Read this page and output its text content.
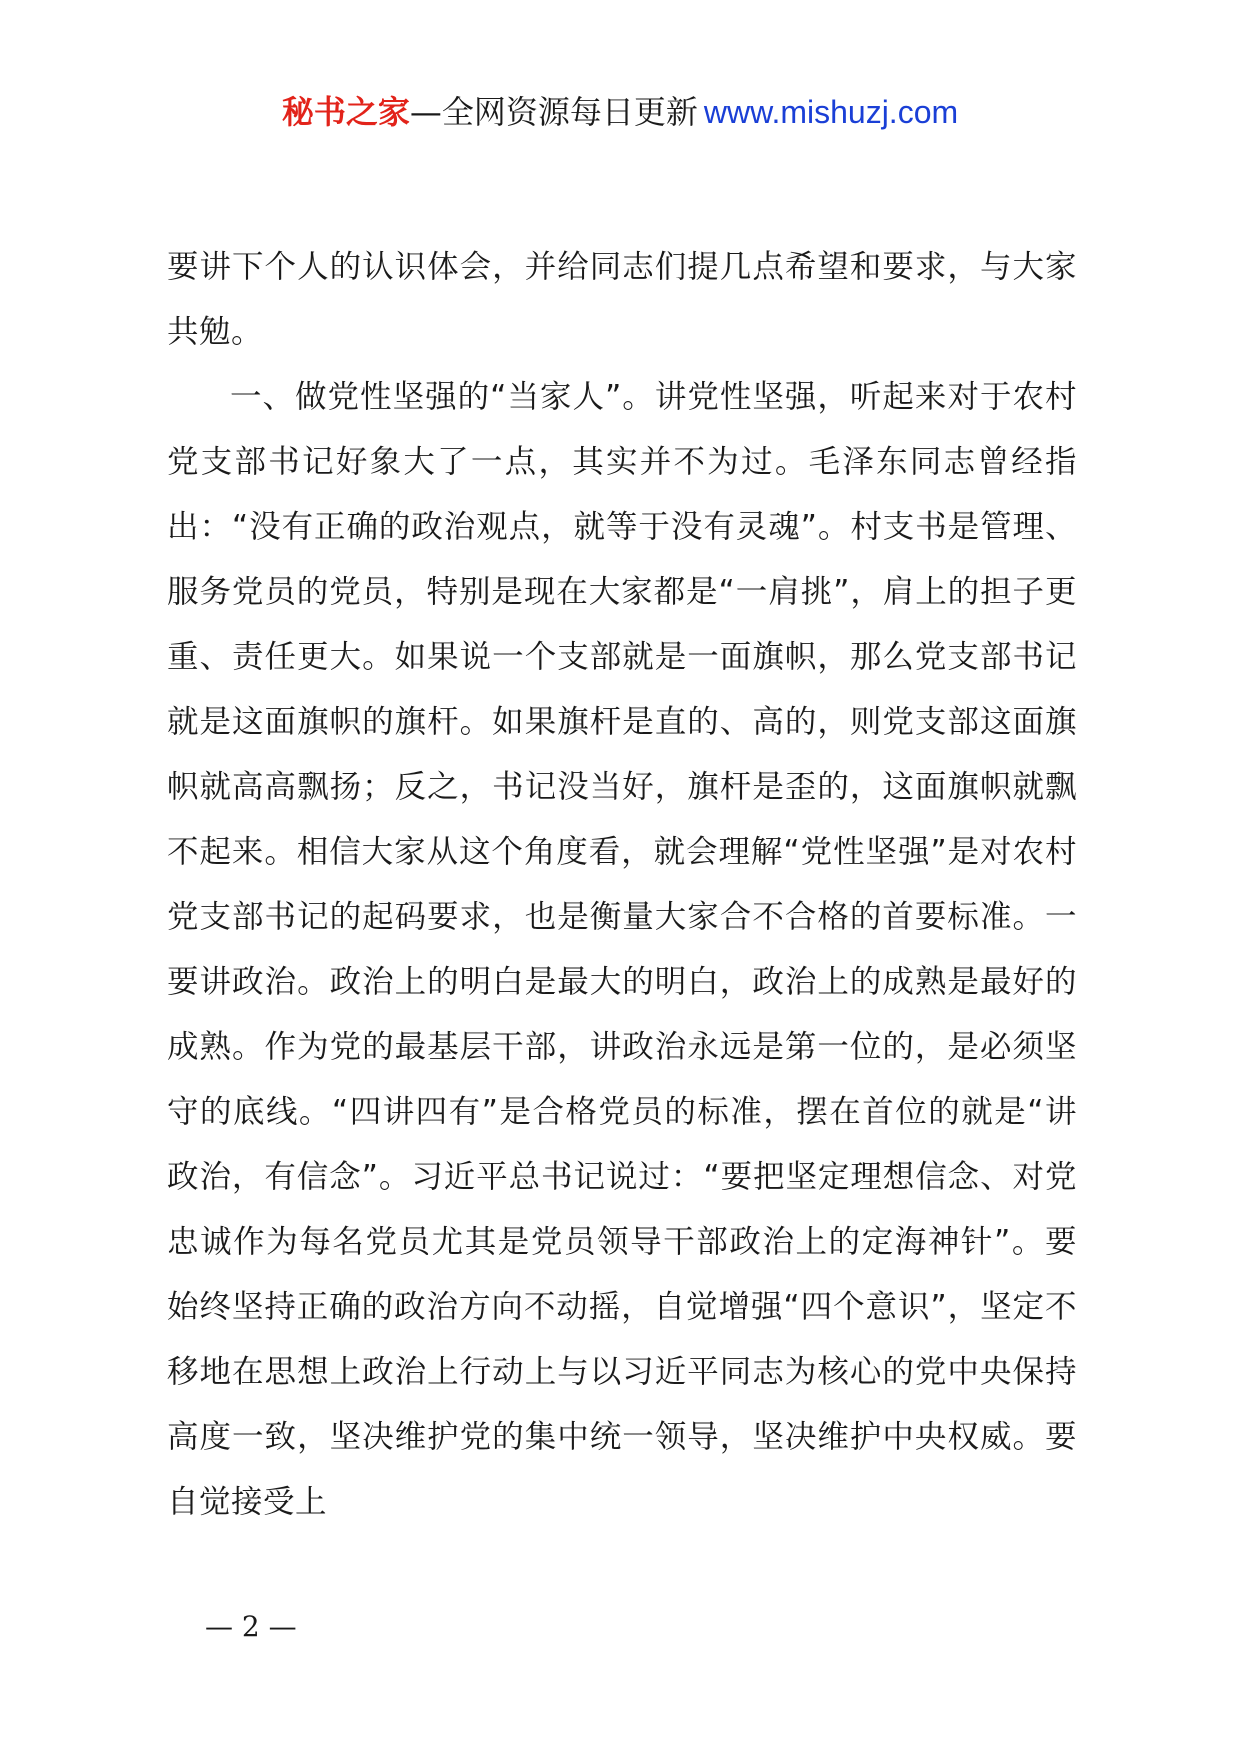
秘书之家—全网资源每日更新 www.mishuzj.com

要讲下个人的认识体会，并给同志们提几点希望和要求，与大家共勉。

一、做党性坚强的“当家人”。讲党性坚强，听起来对于农村党支部书记好象大了一点，其实并不为过。毛泽东同志曾经指出：“没有正确的政治观点，就等于没有灵魂”。村支书是管理、服务党员的党员，特别是现在大家都是“一肩挑”，肩上的担子更重、责任更大。如果说一个支部就是一面旗帜，那么党支部书记就是这面旗帜的旗杆。如果旗杆是直的、高的，则党支部这面旗帜就高高飘扬；反之，书记没当好，旗杆是歪的，这面旗帜就飘不起来。相信大家从这个角度看，就会理解“党性坚强”是对农村党支部书记的起码要求，也是衡量大家合不合格的首要标准。一要讲政治。政治上的明白是最大的明白，政治上的成熟是最好的成熟。作为党的最基层干部，讲政治永远是第一位的，是必须坚守的底线。“四讲四有”是合格党员的标准，摆在首位的就是“讲政治，有信念”。习近平总书记说过：“要把坚定理想信念、对党忠诚作为每名党员尤其是党员领导干部政治上的定海神针”。要始终坚持正确的政治方向不动摇，自觉增强“四个意识”，坚定不移地在思想上政治上行动上与以习近平同志为核心的党中央保持高度一致，坚决维护党的集中统一领导，坚决维护中央权威。要自觉接受上

— 2 —
